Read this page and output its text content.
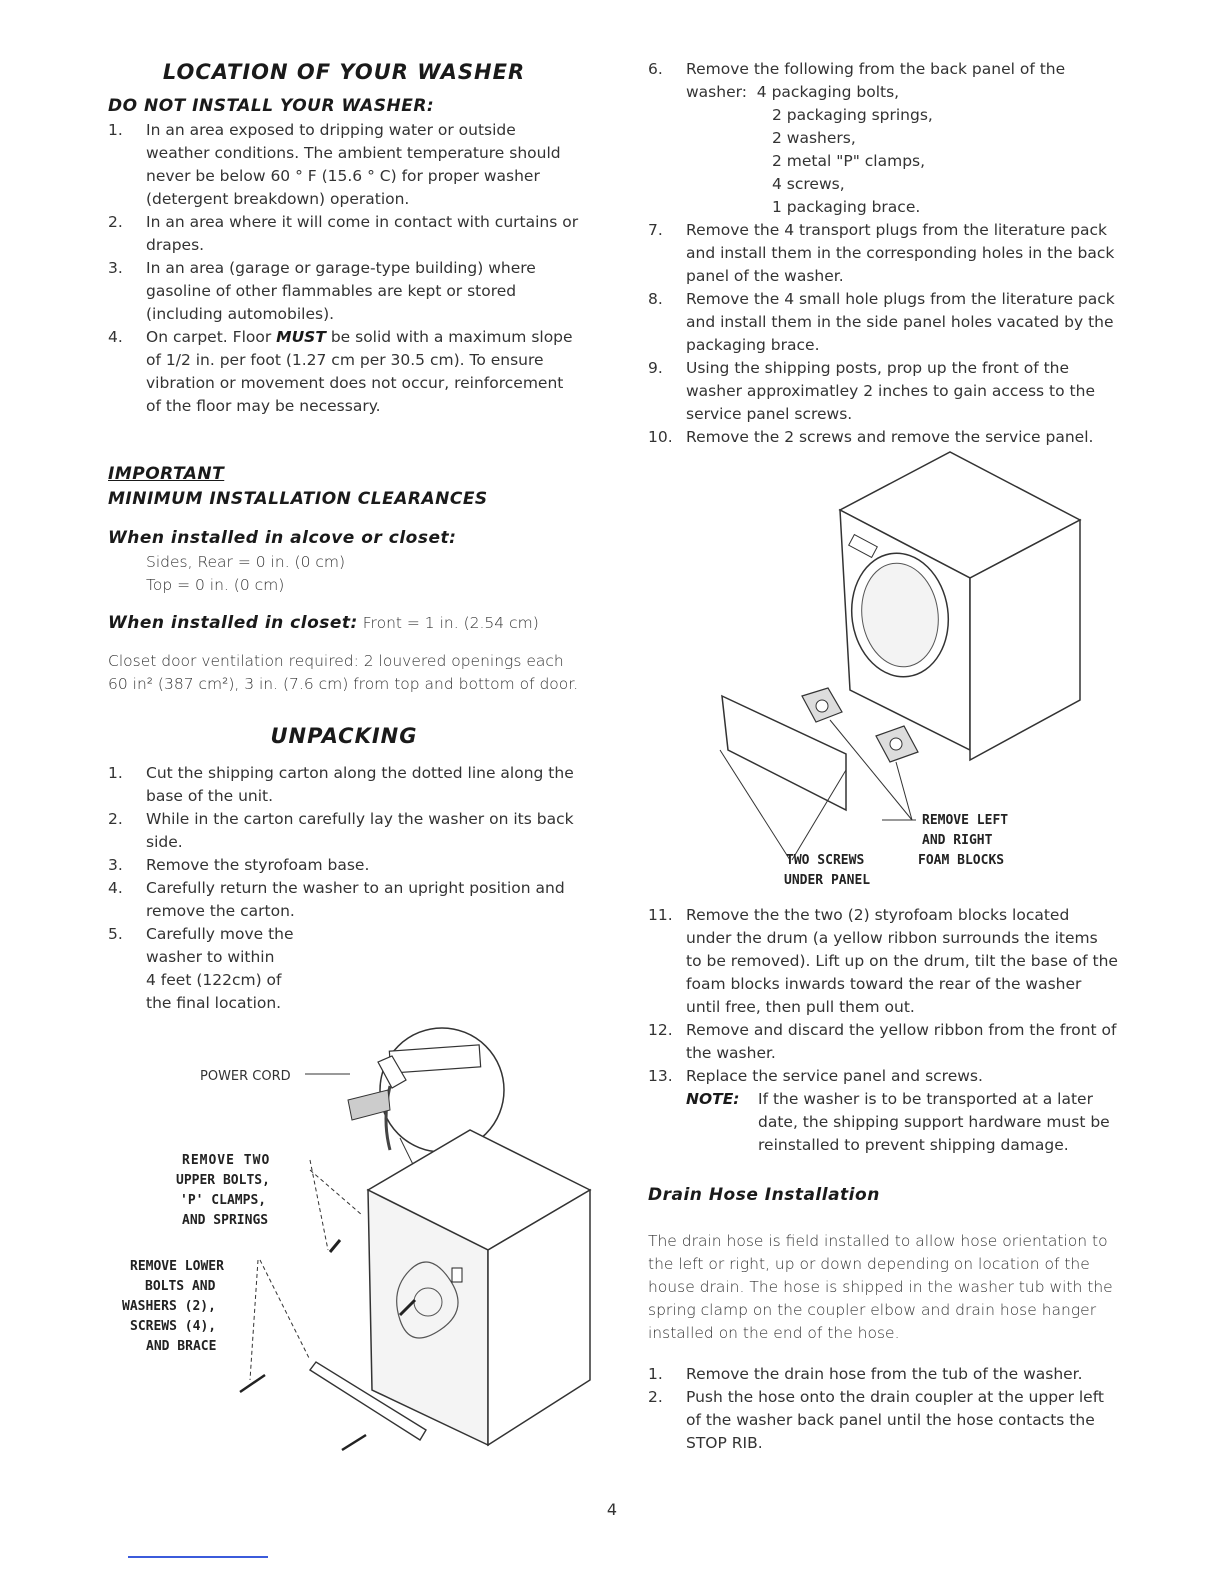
LOCATION OF YOUR WASHER
DO NOT INSTALL YOUR WASHER:
1. In an area exposed to dripping water or outside weather conditions. The ambient temperature should never be below 60 ° F (15.6 ° C) for proper washer (detergent breakdown) operation.
2. In an area where it will come in contact with curtains or drapes.
3. In an area (garage or garage-type building) where gasoline of other flammables are kept or stored (including automobiles).
4. On carpet. Floor MUST be solid with a maximum slope of 1/2 in. per foot (1.27 cm per 30.5 cm). To ensure vibration or movement does not occur, reinforcement of the floor may be necessary.
IMPORTANT
MINIMUM INSTALLATION CLEARANCES
When installed in alcove or closet:

Sides, Rear = 0 in. (0 cm)

Top = 0 in. (0 cm)

When installed in closet: Front = 1 in. (2.54 cm)

Closet door ventilation required: 2 louvered openings each 60 in² (387 cm²), 3 in. (7.6 cm) from top and bottom of door.

UNPACKING
1. Cut the shipping carton along the dotted line along the base of the unit.
2. While in the carton carefully lay the washer on its back side.
3. Remove the styrofoam base.
4. Carefully return the washer to an upright position and remove the carton.
5. Carefully move the
washer to within
4 feet (122cm) of
the final location.
POWER CORD
REMOVE TWO
UPPER BOLTS,
'P' CLAMPS,
AND SPRINGS
REMOVE LOWER
BOLTS AND
WASHERS (2),
SCREWS (4),
AND BRACE
6. Remove the following from the back panel of the
washer: 4 packaging bolts,
2 packaging springs,
2 washers,
2 metal "P" clamps,
4 screws,
1 packaging brace.
7. Remove the 4 transport plugs from the literature pack and install them in the corresponding holes in the back panel of the washer.
8. Remove the 4 small hole plugs from the literature pack and install them in the side panel holes vacated by the packaging brace.
9. Using the shipping posts, prop up the front of the washer approximatley 2 inches to gain access to the service panel screws.
10. Remove the 2 screws and remove the service panel.
REMOVE LEFT
AND RIGHT
FOAM BLOCKS
TWO SCREWS
UNDER PANEL
11. Remove the the two (2) styrofoam blocks located under the drum (a yellow ribbon surrounds the items to be removed). Lift up on the drum, tilt the base of the foam blocks inwards toward the rear of the washer until free, then pull them out.
12. Remove and discard the yellow ribbon from the front of the washer.
13. Replace the service panel and screws.
NOTE: If the washer is to be transported at a later date, the shipping support hardware must be reinstalled to prevent shipping damage.
Drain Hose Installation

The drain hose is field installed to allow hose orientation to the left or right, up or down depending on location of the house drain. The hose is shipped in the washer tub with the spring clamp on the coupler elbow and drain hose hanger installed on the end of the hose.

1. Remove the drain hose from the tub of the washer.
2. Push the hose onto the drain coupler at the upper left of the washer back panel until the hose contacts the STOP RIB.
4
